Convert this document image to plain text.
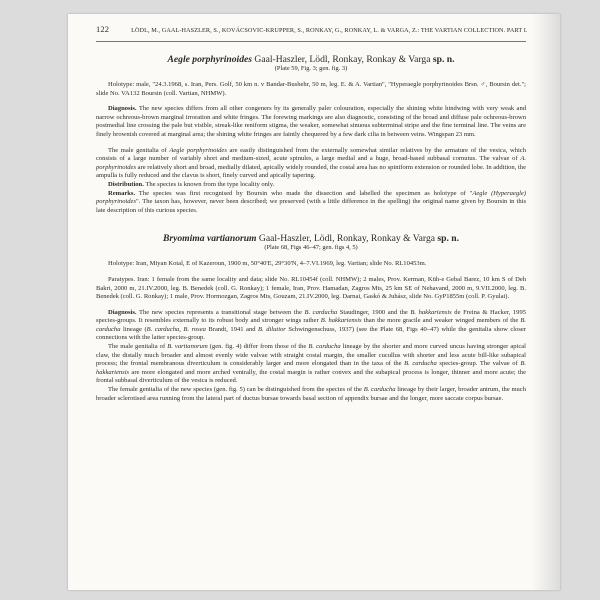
122	LÖDL, M., GAAL-HASZLER, S., KOVÁCSOVIC-KRUPPER, S., RONKAY, G., RONKAY, L. & VARGA, Z.: THE VARTIAN COLLECTION. PART I.

Aegle porphyrinoides Gaal-Haszler, Lödl, Ronkay, Ronkay & Varga sp. n.

(Plate 59, Fig. 3; gen. fig. 3)

Holotype: male, "24.3.1968, s. Iran, Pers. Golf, 50 km n. v Bandar-Bushehr, 50 m, leg. E. & A. Vartian", "Hyperaegle porphyrinoides Brsn. ♂, Boursin det."; slide No. VA132 Boursin (coll. Vartian, NHMW).

Diagnosis. The new species differs from all other congeners by its generally paler colouration, especially the shining white hindwing with very weak and narrow ochreous-brown marginal irroration and white fringes. The forewing markings are also diagnostic, consisting of the broad and diffuse pale ochreous-brown postmedial line crossing the pale but visible, streak-like reniform stigma, the weaker, somewhat sinuous subterminal stripe and the fine terminal line. The veins are finely brownish covered at marginal area; the shining white fringes are faintly chequered by a few dark cilia in between veins. Wingspan 23 mm.

The male genitalia of Aegle porphyrinoides are easily distinguished from the externally somewhat similar relatives by the armature of the vesica, which consists of a large number of variably short and medium-sized, acute spinules, a large medial and a huge, broad-based subbasal cornutus. The valvae of A. porphyrinoides are relatively short and broad, medially dilated, apically widely rounded, the costal area has no spiniform extension or rounded lobe. In addition, the ampulla is fully reduced and the clavus is short, finely curved and apically tapering.

Distribution. The species is known from the type locality only.

Remarks. The species was first recognised by Boursin who made the dissection and labelled the specimen as holotype of "Aegle (Hyperaegle) porphyrinoides". The taxon has, however, never been described; we preserved (with a little difference in the spelling) the original name given by Boursin in this late description of this curious species.

Bryomima vartianorum Gaal-Haszler, Lödl, Ronkay, Ronkay & Varga sp. n.

(Plate 68, Figs 46–47; gen. figs 4, 5)

Holotype: Iran, Miyan Kotal, E of Kazeroun, 1900 m, 50°40'E, 29°30'N, 4–7.VI.1969, leg. Vartian; slide No. RL10453m.

Paratypes. Iran: 1 female from the same locality and data; slide No. RL10454f (coll. NHMW); 2 males, Prov. Kerman, Küh-e Gebal Barez, 10 km S of Deh Bakri, 2000 m, 21.IV.2000, leg. B. Benedek (coll. G. Ronkay); 1 female, Iran, Prov. Hamadan, Zagros Mts, 25 km SE of Nehavand, 2000 m, 9.VII.2000, leg. B. Benedek (coll. G. Ronkay); 1 male, Prov. Hormozgan, Zagros Mts, Gouzam, 21.IV.2000, leg. Darnai, Gaskó & Juhász, slide No. GyP1855m (coll. P. Gyulai).

Diagnosis. The new species represents a transitional stage between the B. carducha Staudinger, 1900 and the B. hakkariensis de Freina & Hacker, 1995 species-groups. It resembles externally to its robust body and stronger wings rather B. hakkariensis than the more gracile and weaker winged members of the B. carducha lineage (B. carducha, B. rosea Brandt, 1941 and B. dilutior Schwingenschuss, 1937) (see the Plate 68, Figs 40–47) while the genitalia show closer connections with the latter species-group.

The male genitalia of B. vartianorum (gen. fig. 4) differ from those of the B. carducha lineage by the shorter and more curved uncus having stronger apical claw, the distally much broader and almost evenly wide valvae with straight costal margin, the smaller cucullus with shorter and less acute bill-like subapical process; the frontal membranous diverticulum is considerably larger and more elongated than in the taxa of the B. carducha species-group. The valvae of B. hakkariensis are more elongated and more arched ventrally, the costal margin is rather convex and the subapical process is longer, thinner and more acute; the frontal subbasal diverticulum of the vesica is reduced.

The female genitalia of the new species (gen. fig. 5) can be distinguished from the species of the B. carducha lineage by their larger, broader antrum, the much broader sclerotised area running from the lateral part of ductus bursae towards basal section of appendix bursae and the longer, more saccate corpus bursae.
